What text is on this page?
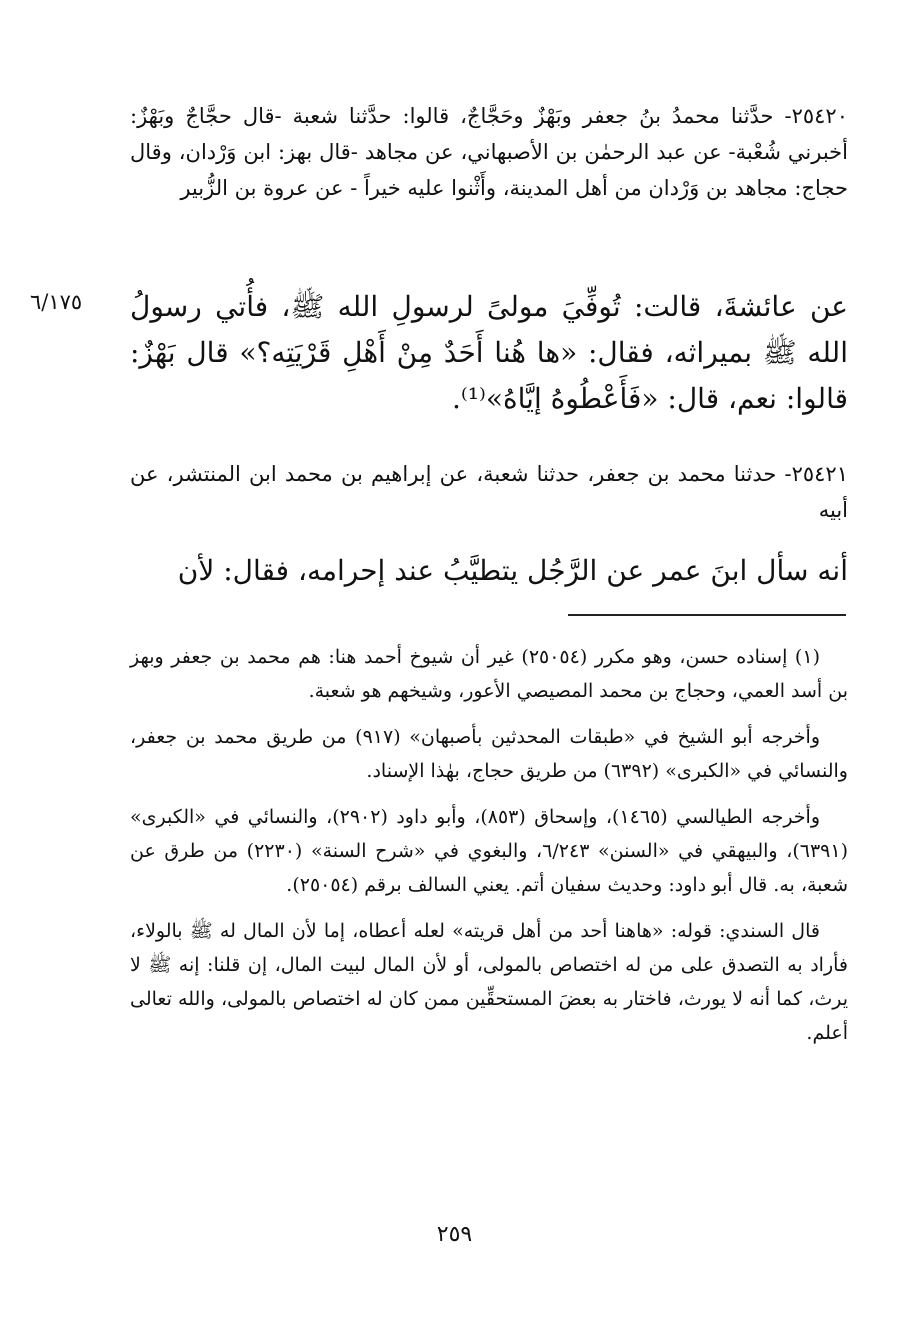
٢٥٤٢٠- حدَّثنا محمدُ بنُ جعفر وبَهْزٌ وحَجَّاجٌ، قالوا: حدَّثنا شعبة -قال حجَّاجٌ وبَهْزٌ: أخبرني شُعْبة- عن عبد الرحمٰن بن الأصبهاني، عن مجاهد -قال بهز: ابن وَرْدان، وقال حجاج: مجاهد بن وَرْدان من أهل المدينة، وأَثْنوا عليه خيراً - عن عروة بن الزُّبير
٦/١٧٥ عن عائشةَ، قالت: تُوفِّيَ مولىً لرسولِ الله ﷺ، فأُتي رسولُ الله ﷺ بميراثه، فقال: «ها هُنا أَحَدٌ مِنْ أَهْلِ قَرْيَتِه؟» قال بَهْزٌ: قالوا: نعم، قال: «فَأَعْطُوهُ إيَّاهُ»⁽¹⁾.
٢٥٤٢١- حدثنا محمد بن جعفر، حدثنا شعبة، عن إبراهيم بن محمد ابن المنتشر، عن أبيه
أنه سأل ابنَ عمر عن الرَّجُل يتطيَّبُ عند إحرامه، فقال: لأن

(١) إسناده حسن، وهو مكرر (٢٥٠٥٤) غير أن شيوخ أحمد هنا: هم محمد بن جعفر وبهز بن أسد العمي، وحجاج بن محمد المصيصي الأعور، وشيخهم هو شعبة.

وأخرجه أبو الشيخ في «طبقات المحدثين بأصبهان» (٩١٧) من طريق محمد بن جعفر، والنسائي في «الكبرى» (٦٣٩٢) من طريق حجاج، بهٰذا الإسناد.

وأخرجه الطيالسي (١٤٦٥)، وإسحاق (٨٥٣)، وأبو داود (٢٩٠٢)، والنسائي في «الكبرى» (٦٣٩١)، والبيهقي في «السنن» ٦/٢٤٣، والبغوي في «شرح السنة» (٢٢٣٠) من طرق عن شعبة، به. قال أبو داود: وحديث سفيان أتم. يعني السالف برقم (٢٥٠٥٤).

قال السندي: قوله: «هاهنا أحد من أهل قريته» لعله أعطاه، إما لأن المال له ﷺ بالولاء، فأراد به التصدق على من له اختصاص بالمولى، أو لأن المال لبيت المال، إن قلنا: إنه ﷺ لا يرث، كما أنه لا يورث، فاختار به بعضَ المستحقِّين ممن كان له اختصاص بالمولى، والله تعالى أعلم.

٢٥٩
